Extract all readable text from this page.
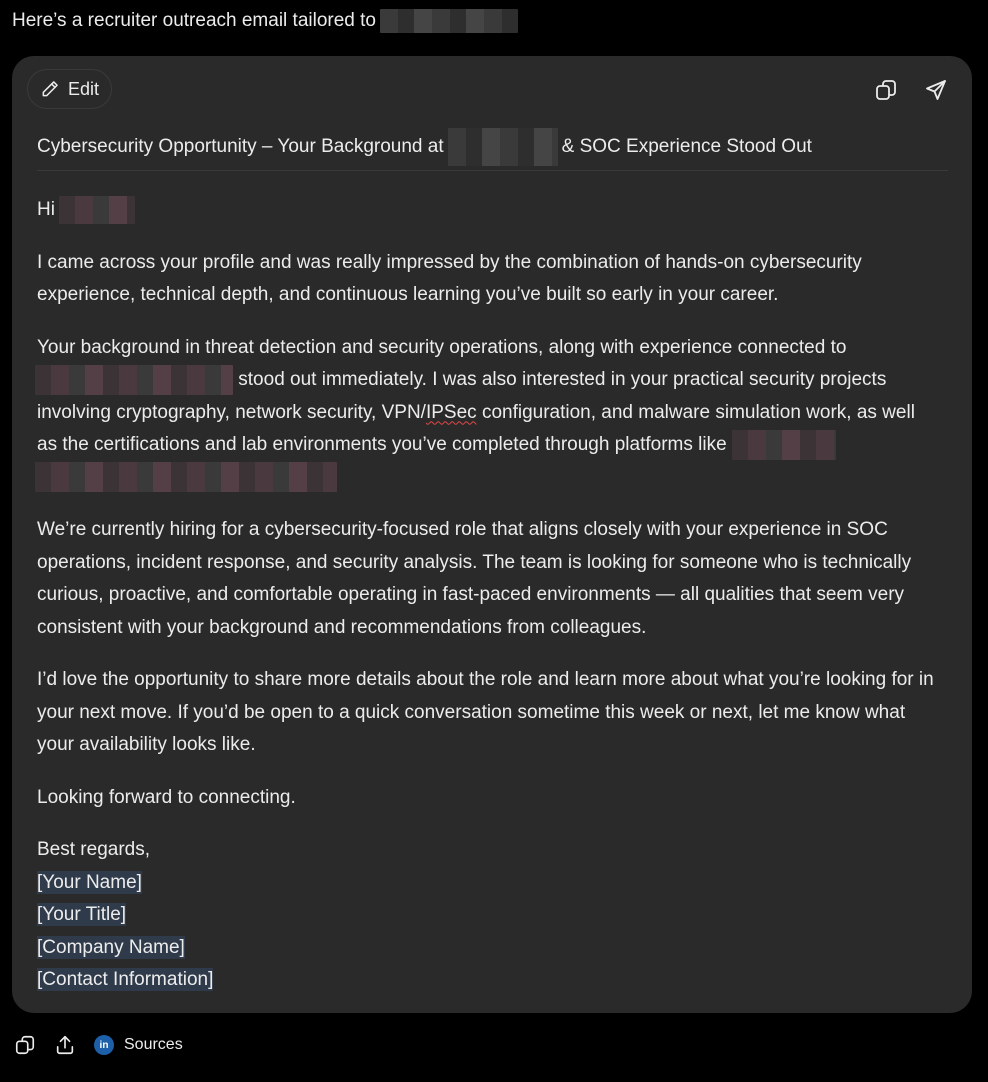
Here’s a recruiter outreach email tailored to
Edit
Cybersecurity Opportunity – Your Background at	& SOC Experience Stood Out

Hi

I came across your profile and was really impressed by the combination of hands-on cybersecurity experience, technical depth, and continuous learning you’ve built so early in your career.

Your background in threat detection and security operations, along with experience connected to  stood out immediately. I was also interested in your practical security projects involving cryptography, network security, VPN/IPSec configuration, and malware simulation work, as well as the certifications and lab environments you’ve completed through platforms like

We’re currently hiring for a cybersecurity-focused role that aligns closely with your experience in SOC operations, incident response, and security analysis. The team is looking for someone who is technically curious, proactive, and comfortable operating in fast-paced environments — all qualities that seem very consistent with your background and recommendations from colleagues.

I’d love the opportunity to share more details about the role and learn more about what you’re looking for in your next move. If you’d be open to a quick conversation sometime this week or next, let me know what your availability looks like.

Looking forward to connecting.

Best regards,
[Your Name]
[Your Title]
[Company Name]
[Contact Information]

in Sources
